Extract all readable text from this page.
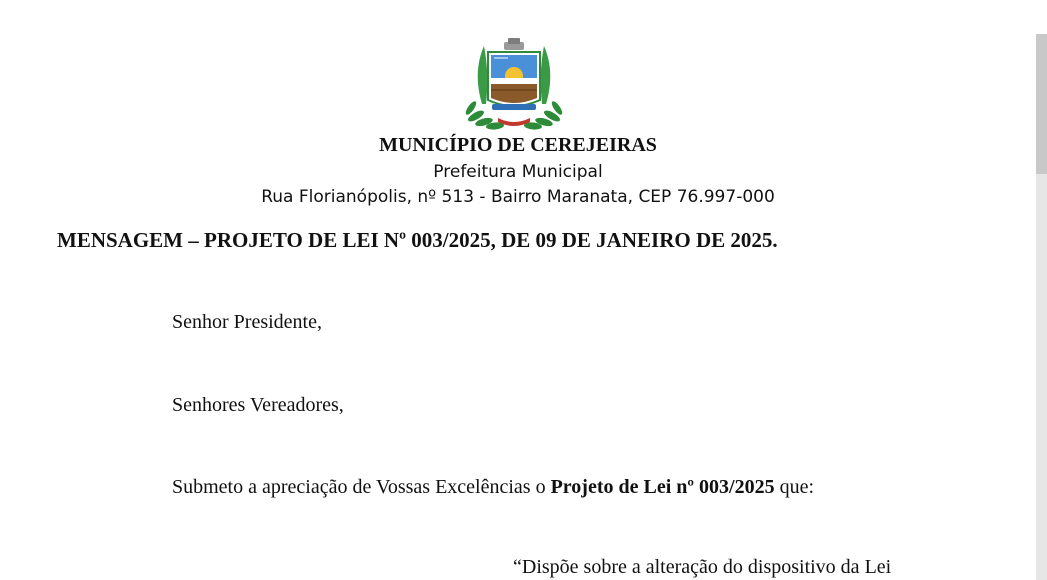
MUNICÍPIO DE CEREJEIRAS
Prefeitura Municipal
Rua Florianópolis, nº 513 - Bairro Maranata, CEP 76.997-000
MENSAGEM – PROJETO DE LEI Nº 003/2025, DE 09 DE JANEIRO DE 2025.
Senhor Presidente,
Senhores Vereadores,
Submeto a apreciação de Vossas Excelências o Projeto de Lei nº 003/2025 que:
“Dispõe sobre a alteração do dispositivo da Lei
